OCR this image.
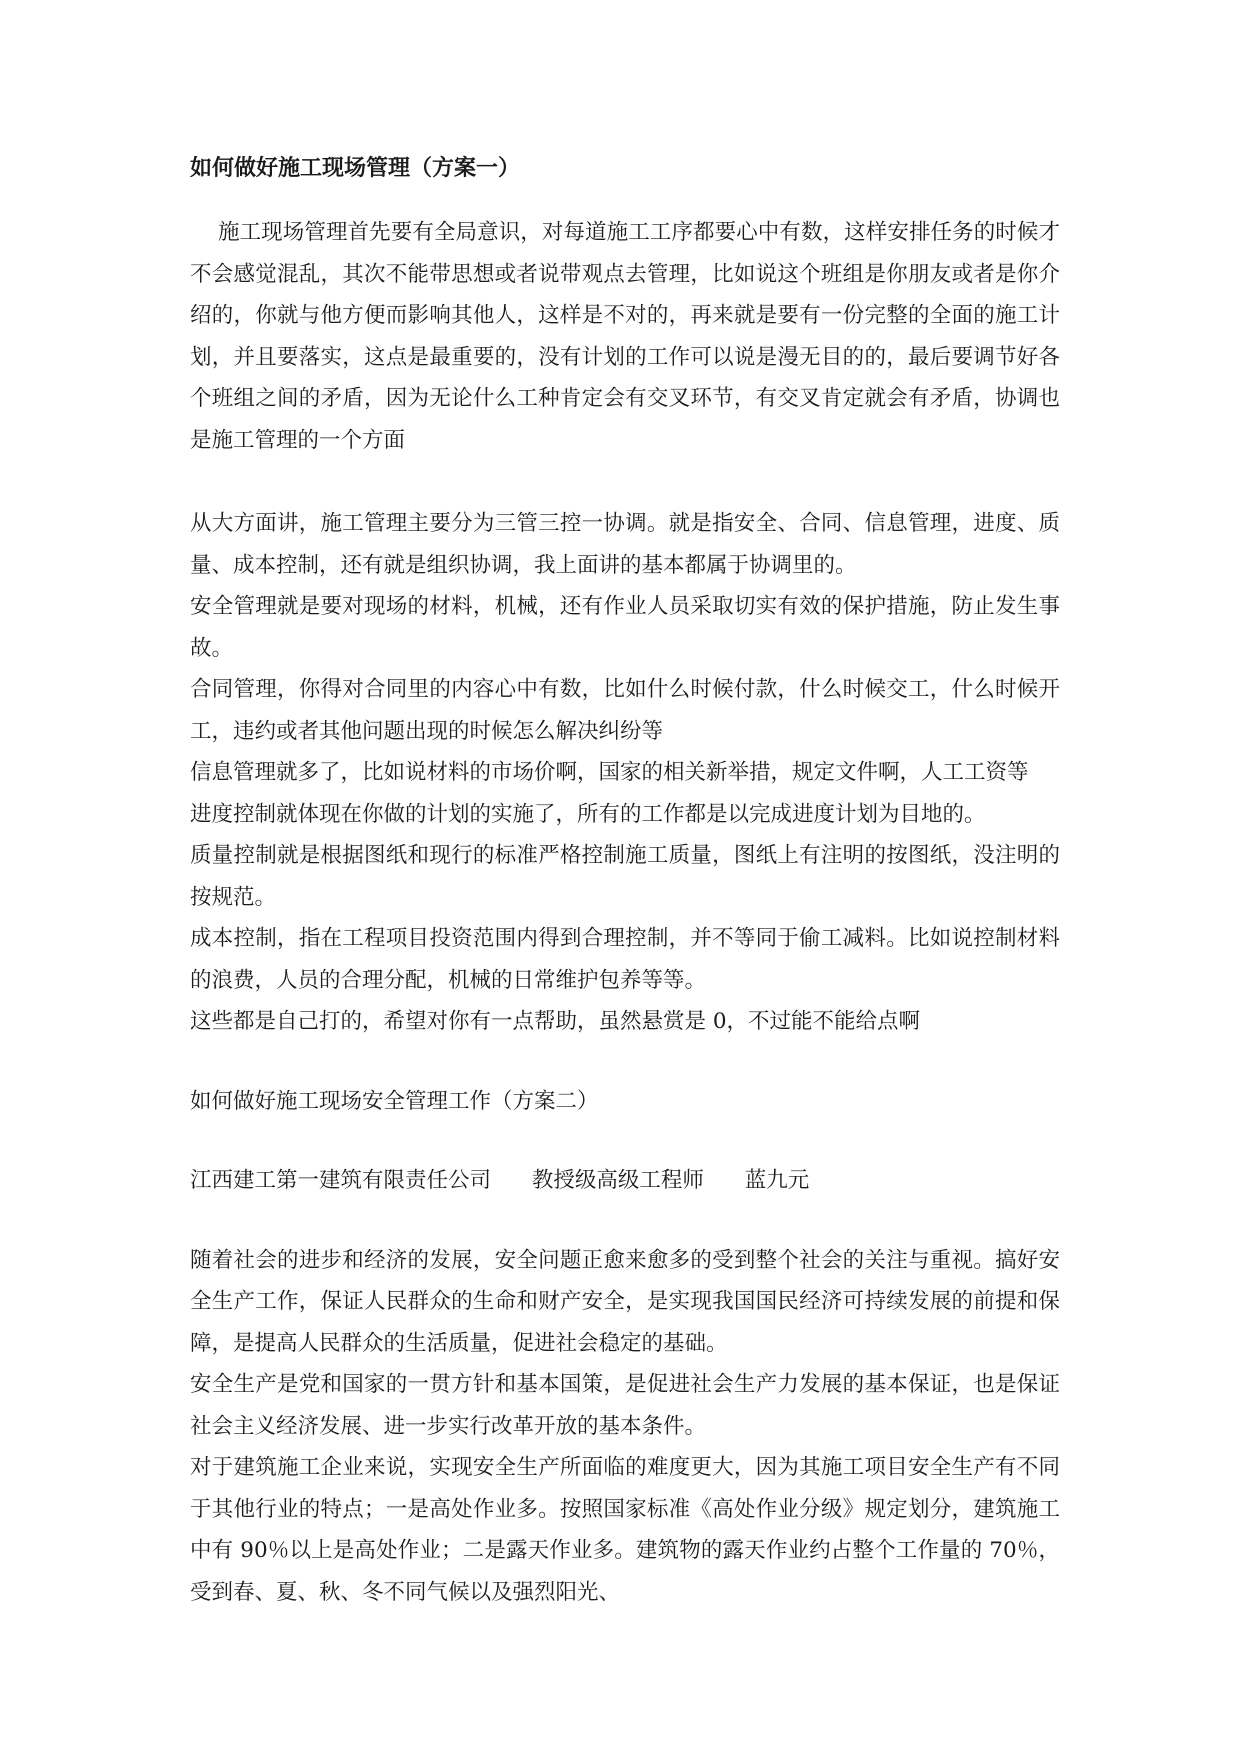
如何做好施工现场管理（方案一）

施工现场管理首先要有全局意识，对每道施工工序都要心中有数，这样安排任务的时候才不会感觉混乱，其次不能带思想或者说带观点去管理，比如说这个班组是你朋友或者是你介绍的，你就与他方便而影响其他人，这样是不对的，再来就是要有一份完整的全面的施工计划，并且要落实，这点是最重要的，没有计划的工作可以说是漫无目的的，最后要调节好各个班组之间的矛盾，因为无论什么工种肯定会有交叉环节，有交叉肯定就会有矛盾，协调也是施工管理的一个方面

从大方面讲，施工管理主要分为三管三控一协调。就是指安全、合同、信息管理，进度、质量、成本控制，还有就是组织协调，我上面讲的基本都属于协调里的。

安全管理就是要对现场的材料，机械，还有作业人员采取切实有效的保护措施，防止发生事故。

合同管理，你得对合同里的内容心中有数，比如什么时候付款，什么时候交工，什么时候开工，违约或者其他问题出现的时候怎么解决纠纷等

信息管理就多了，比如说材料的市场价啊，国家的相关新举措，规定文件啊，人工工资等

进度控制就体现在你做的计划的实施了，所有的工作都是以完成进度计划为目地的。

质量控制就是根据图纸和现行的标准严格控制施工质量，图纸上有注明的按图纸，没注明的按规范。

成本控制，指在工程项目投资范围内得到合理控制，并不等同于偷工减料。比如说控制材料的浪费，人员的合理分配，机械的日常维护包养等等。

这些都是自己打的，希望对你有一点帮助，虽然悬赏是 0，不过能不能给点啊

如何做好施工现场安全管理工作（方案二）
江西建工第一建筑有限责任公司 教授级高级工程师 蓝九元

随着社会的进步和经济的发展，安全问题正愈来愈多的受到整个社会的关注与重视。搞好安全生产工作，保证人民群众的生命和财产安全，是实现我国国民经济可持续发展的前提和保障，是提高人民群众的生活质量，促进社会稳定的基础。

安全生产是党和国家的一贯方针和基本国策，是促进社会生产力发展的基本保证，也是保证社会主义经济发展、进一步实行改革开放的基本条件。

对于建筑施工企业来说，实现安全生产所面临的难度更大，因为其施工项目安全生产有不同于其他行业的特点；一是高处作业多。按照国家标准《高处作业分级》规定划分，建筑施工中有 90％以上是高处作业；二是露天作业多。建筑物的露天作业约占整个工作量的 70％，受到春、夏、秋、冬不同气候以及强烈阳光、
